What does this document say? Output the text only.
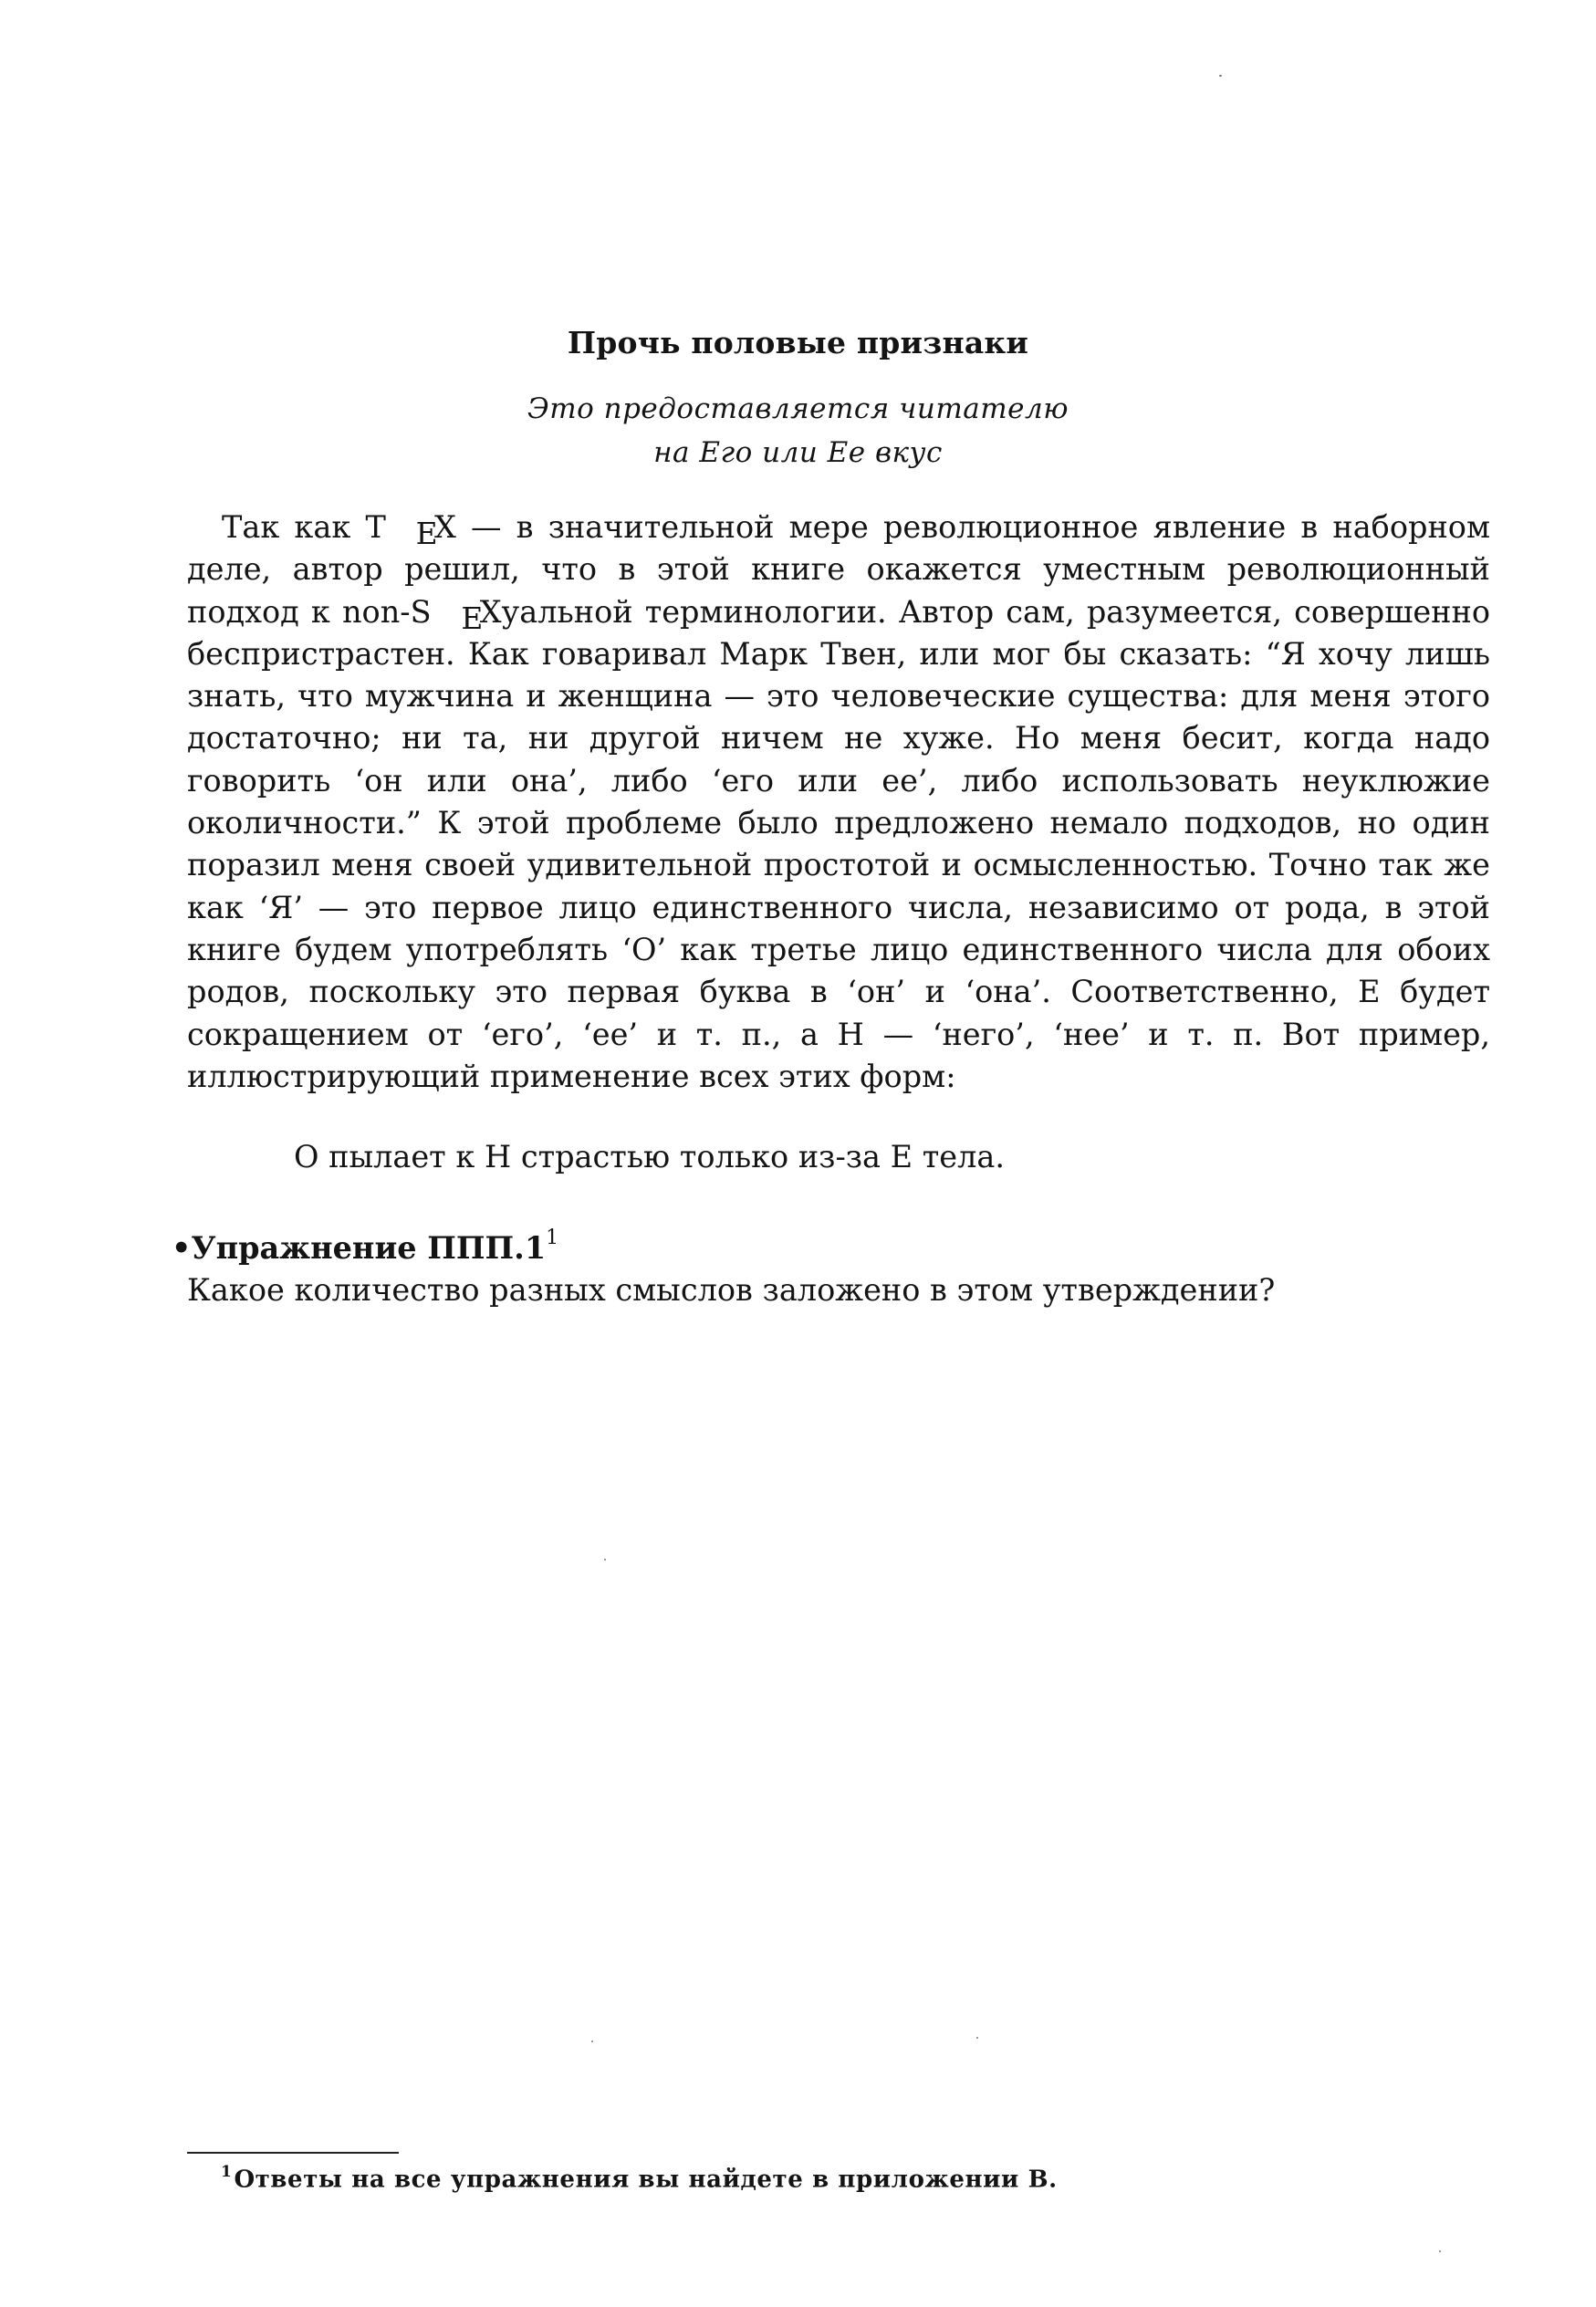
Прочь половые признаки
Это предоставляется читателю
на Его или Ее вкус

Так как T EX — в значительной мере революционное явление в наборном деле, автор решил, что в этой книге окажется уместным революционный подход к non-S EXуальной терминологии. Автор сам, разумеется, совершенно беспристрастен. Как говаривал Марк Твен, или мог бы сказать: “Я хочу лишь знать, что мужчина и женщина — это человеческие существа: для меня этого достаточно; ни та, ни другой ничем не хуже. Но меня бесит, когда надо говорить ‘он или она’, либо ‘его или ее’, либо использовать неуклюжие околичности.” К этой проблеме было предложено немало подходов, но один поразил меня своей удивительной простотой и осмысленностью. Точно так же как ‘Я’ — это первое лицо единственного числа, независимо от рода, в этой книге будем употреблять ‘О’ как третье лицо единственного числа для обоих родов, поскольку это первая буква в ‘он’ и ‘она’. Соответственно, Е будет сокращением от ‘его’, ‘ее’ и т. п., а Н — ‘него’, ‘нее’ и т. п. Вот пример, иллюстрирующий применение всех этих форм:

О пылает к Н страстью только из-за Е тела.
•Упражнение $ППП.1^1$
Какое количество разных смыслов заложено в этом утверждении?
$^1$Ответы на все упражнения вы найдете в приложении В.
